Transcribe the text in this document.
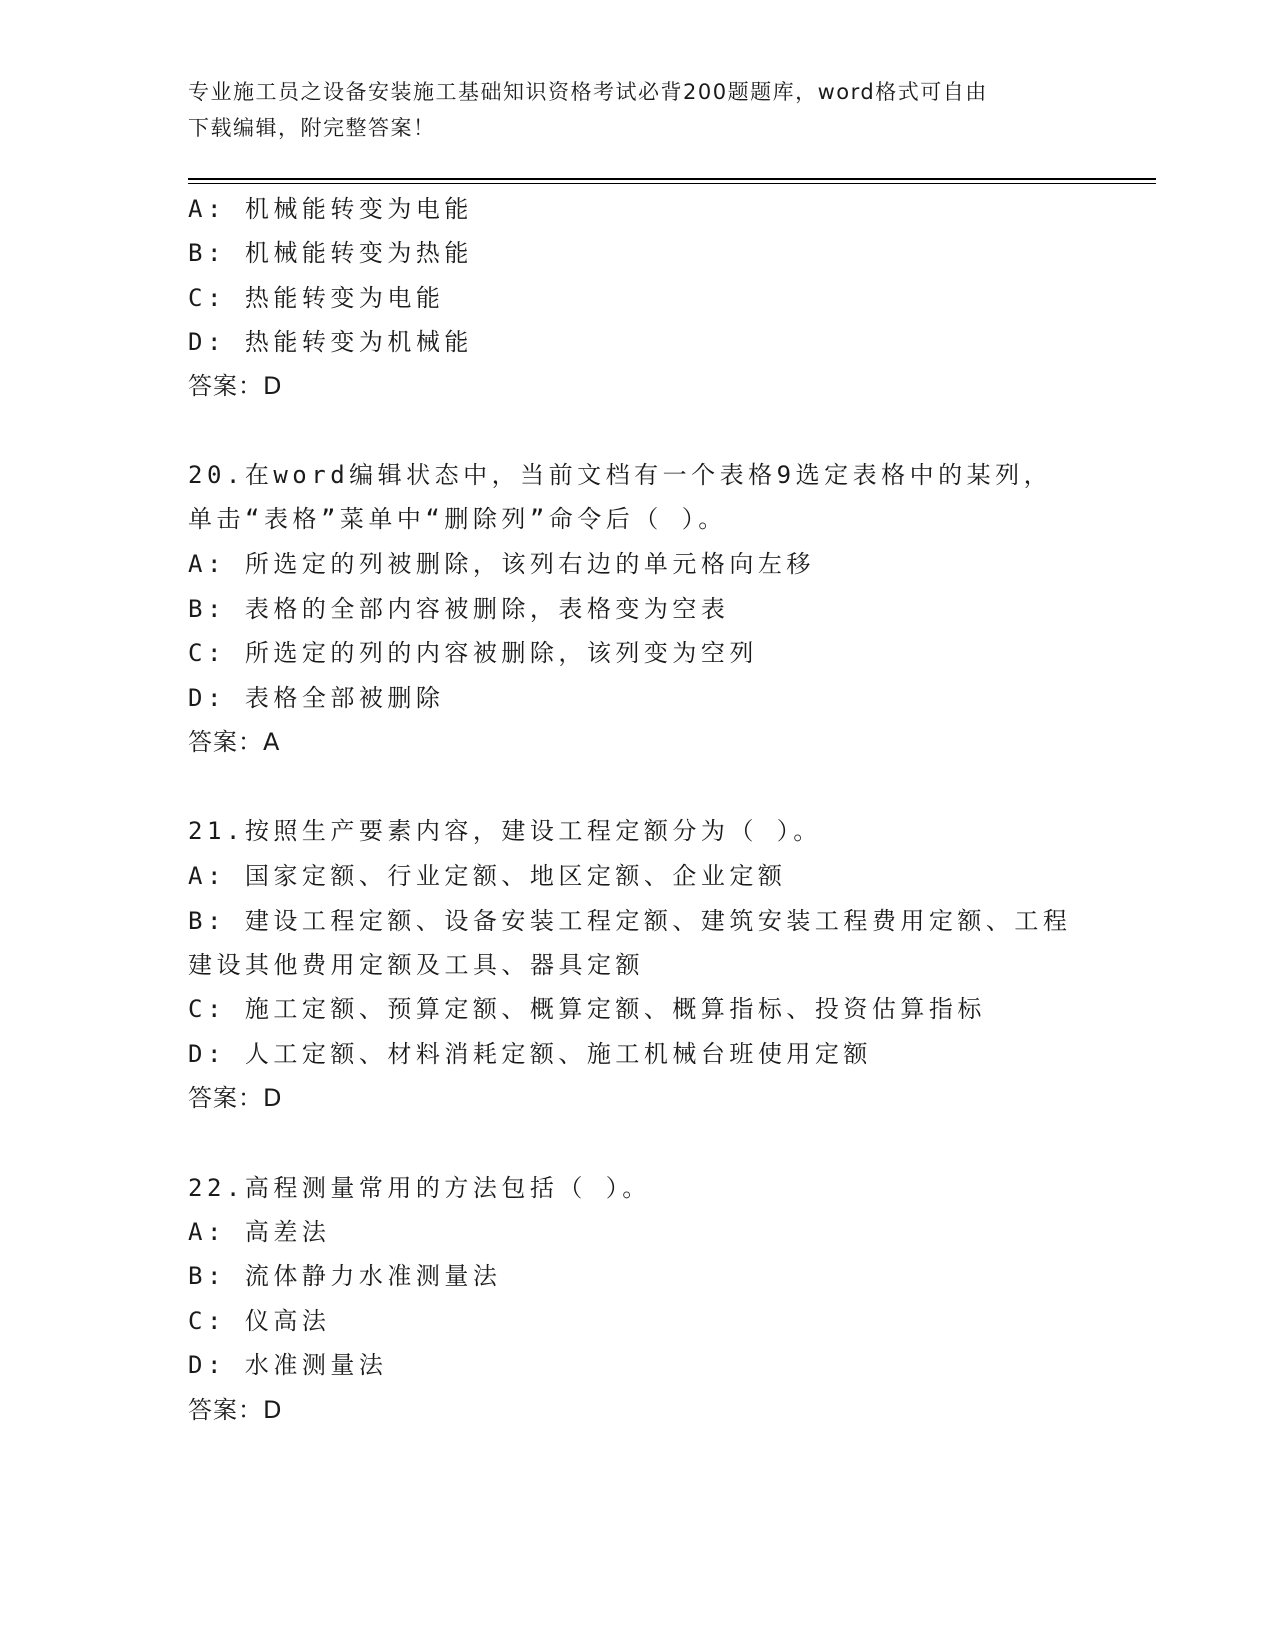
专业施工员之设备安装施工基础知识资格考试必背200题题库，word格式可自由
下载编辑，附完整答案！
A: 机械能转变为电能
B: 机械能转变为热能
C: 热能转变为电能
D: 热能转变为机械能
答案：D
20.在word编辑状态中，当前文档有一个表格9选定表格中的某列，
单击“表格”菜单中“删除列”命令后（ ）。
A: 所选定的列被删除，该列右边的单元格向左移
B: 表格的全部内容被删除，表格变为空表
C: 所选定的列的内容被删除，该列变为空列
D: 表格全部被删除
答案：A
21.按照生产要素内容，建设工程定额分为（ ）。
A: 国家定额、行业定额、地区定额、企业定额
B: 建设工程定额、设备安装工程定额、建筑安装工程费用定额、工程
建设其他费用定额及工具、器具定额
C: 施工定额、预算定额、概算定额、概算指标、投资估算指标
D: 人工定额、材料消耗定额、施工机械台班使用定额
答案：D
22.高程测量常用的方法包括（ ）。
A: 高差法
B: 流体静力水准测量法
C: 仪高法
D: 水准测量法
答案：D
